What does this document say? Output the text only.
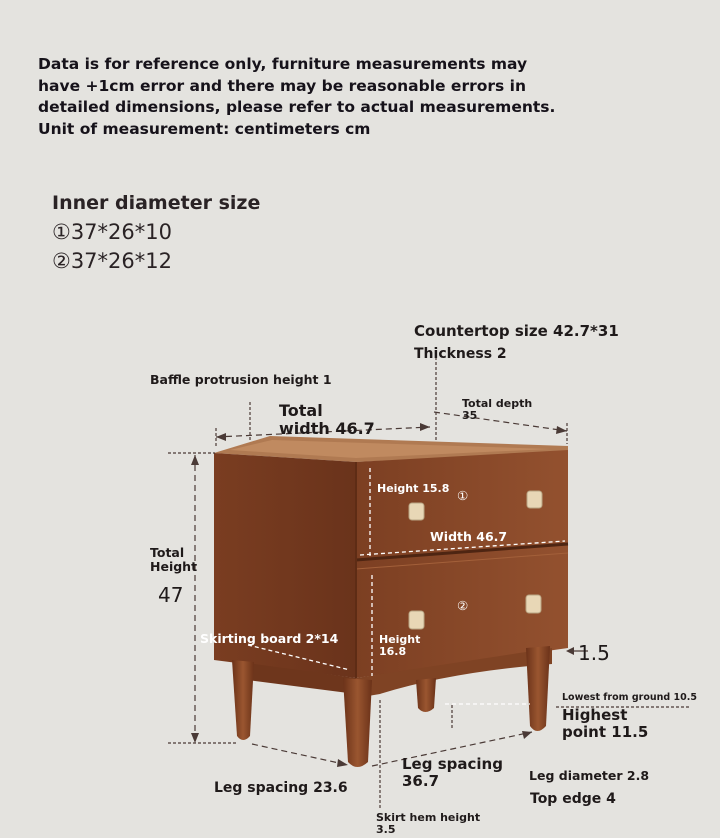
Data is for reference only, furniture measurements may
have +1cm error and there may be reasonable errors in
detailed dimensions, please refer to actual measurements.
Unit of measurement: centimeters cm
Inner diameter size
①37*26*10
②37*26*12
Countertop size 42.7*31
Thickness 2
Baffle protrusion height 1
Total
width 46.7
Total depth
35
Height 15.8 ①
Width 46.7
Total
Height
47	②
Skirting board 2*14	Height
16.8	1.5
Lowest from ground 10.5
Highest
point 11.5
Leg spacing
36.7
Leg spacing 23.6
Leg diameter 2.8
Top edge 4
Skirt hem height
3.5
